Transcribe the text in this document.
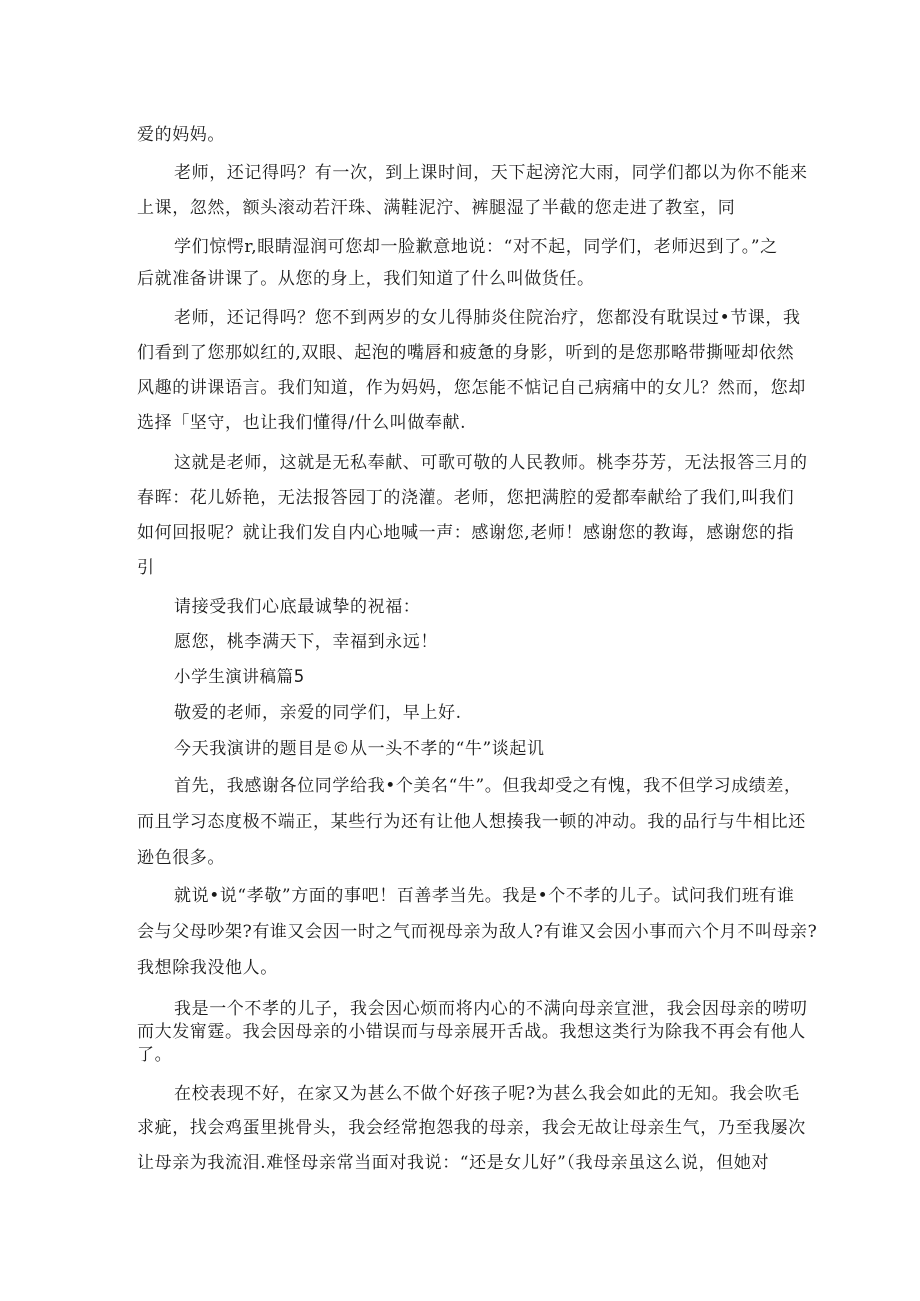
爱的妈妈。

老师，还记得吗？有一次，到上课时间，天下起滂沱大雨，同学们都以为你不能来

上课，忽然，额头滚动若汗珠、满鞋泥泞、裤腿湿了半截的您走进了教室，同

学们惊愕r,眼睛湿润可您却一脸歉意地说：“对不起，同学们，老师迟到了。”之

后就准备讲课了。从您的身上，我们知道了什么叫做货任。

老师，还记得吗？您不到两岁的女儿得肺炎住院治疗，您都没有耽误过•节课，我

们看到了您那姒红的,双眼、起泡的嘴唇和疲惫的身影，听到的是您那略带撕哑却依然

风趣的讲课语言。我们知道，作为妈妈，您怎能不惦记自己病痛中的女儿？然而，您却

选择「坚守，也让我们懂得/什么叫做奉献.

这就是老师，这就是无私奉献、可歌可敬的人民教师。桃李芬芳，无法报答三月的

春晖：花儿娇艳，无法报答园丁的浇灌。老师，您把满腔的爱都奉献给了我们,叫我们

如何回报呢？就让我们发自内心地喊一声：感谢您,老师！感谢您的教诲，感谢您的指

引

请接受我们心底最诚挚的祝福：

愿您，桃李满天下，幸福到永远！

小学生演讲稿篇5

敬爱的老师，亲爱的同学们，早上好.

今天我演讲的题目是©从一头不孝的“牛”谈起讥

首先，我感谢各位同学给我•个美名“牛”。但我却受之有愧，我不但学习成绩差，

而且学习态度极不端正，某些行为还有让他人想揍我一顿的冲动。我的品行与牛相比还

逊色很多。

就说•说“孝敬”方面的事吧！百善孝当先。我是•个不孝的儿子。试问我们班有谁

会与父母吵架?有谁又会因一时之气而视母亲为敌人?有谁又会因小事而六个月不叫母亲?

我想除我没他人。

我是一个不孝的儿子，我会因心烦而将内心的不满向母亲宣泄，我会因母亲的唠叨

而大发甯霆。我会因母亲的小错误而与母亲展开舌战。我想这类行为除我不再会有他人

了。

在校表现不好，在家又为甚么不做个好孩子呢?为甚么我会如此的无知。我会吹毛

求疵，找会鸡蛋里挑骨头，我会经常抱怨我的母亲，我会无故让母亲生气，乃至我屡次

让母亲为我流泪.难怪母亲常当面对我说：“还是女儿好”（我母亲虽这么说，但她对
